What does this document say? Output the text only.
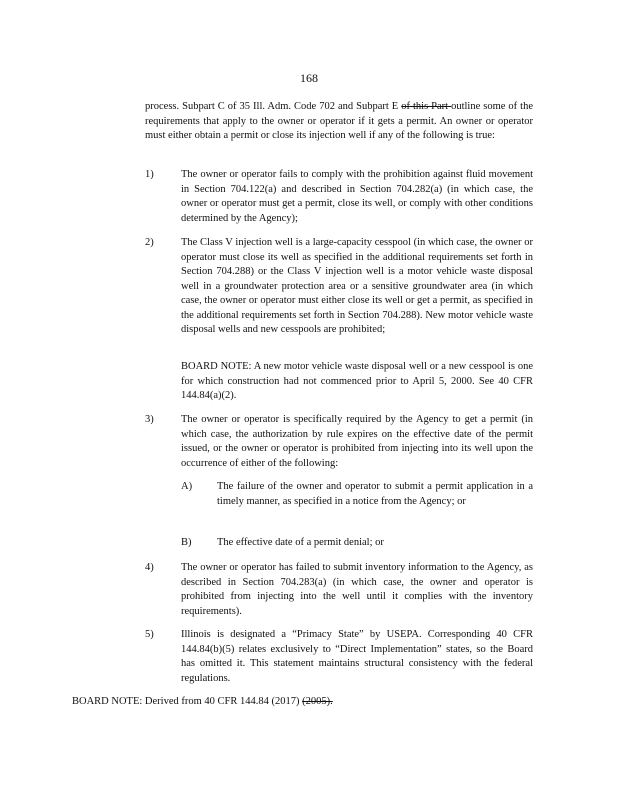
168
process. Subpart C of 35 Ill. Adm. Code 702 and Subpart E of this Part outline some of the requirements that apply to the owner or operator if it gets a permit. An owner or operator must either obtain a permit or close its injection well if any of the following is true:
1)	The owner or operator fails to comply with the prohibition against fluid movement in Section 704.122(a) and described in Section 704.282(a) (in which case, the owner or operator must get a permit, close its well, or comply with other conditions determined by the Agency);
2)	The Class V injection well is a large-capacity cesspool (in which case, the owner or operator must close its well as specified in the additional requirements set forth in Section 704.288) or the Class V injection well is a motor vehicle waste disposal well in a groundwater protection area or a sensitive groundwater area (in which case, the owner or operator must either close its well or get a permit, as specified in the additional requirements set forth in Section 704.288). New motor vehicle waste disposal wells and new cesspools are prohibited;
BOARD NOTE: A new motor vehicle waste disposal well or a new cesspool is one for which construction had not commenced prior to April 5, 2000. See 40 CFR 144.84(a)(2).
3)	The owner or operator is specifically required by the Agency to get a permit (in which case, the authorization by rule expires on the effective date of the permit issued, or the owner or operator is prohibited from injecting into its well upon the occurrence of either of the following:
A) The failure of the owner and operator to submit a permit application in a timely manner, as specified in a notice from the Agency; or
B) The effective date of a permit denial; or
4)	The owner or operator has failed to submit inventory information to the Agency, as described in Section 704.283(a) (in which case, the owner and operator is prohibited from injecting into the well until it complies with the inventory requirements).
5)	Illinois is designated a “Primacy State” by USEPA. Corresponding 40 CFR 144.84(b)(5) relates exclusively to “Direct Implementation” states, so the Board has omitted it. This statement maintains structural consistency with the federal regulations.
BOARD NOTE: Derived from 40 CFR 144.84 (2017) (2005).
